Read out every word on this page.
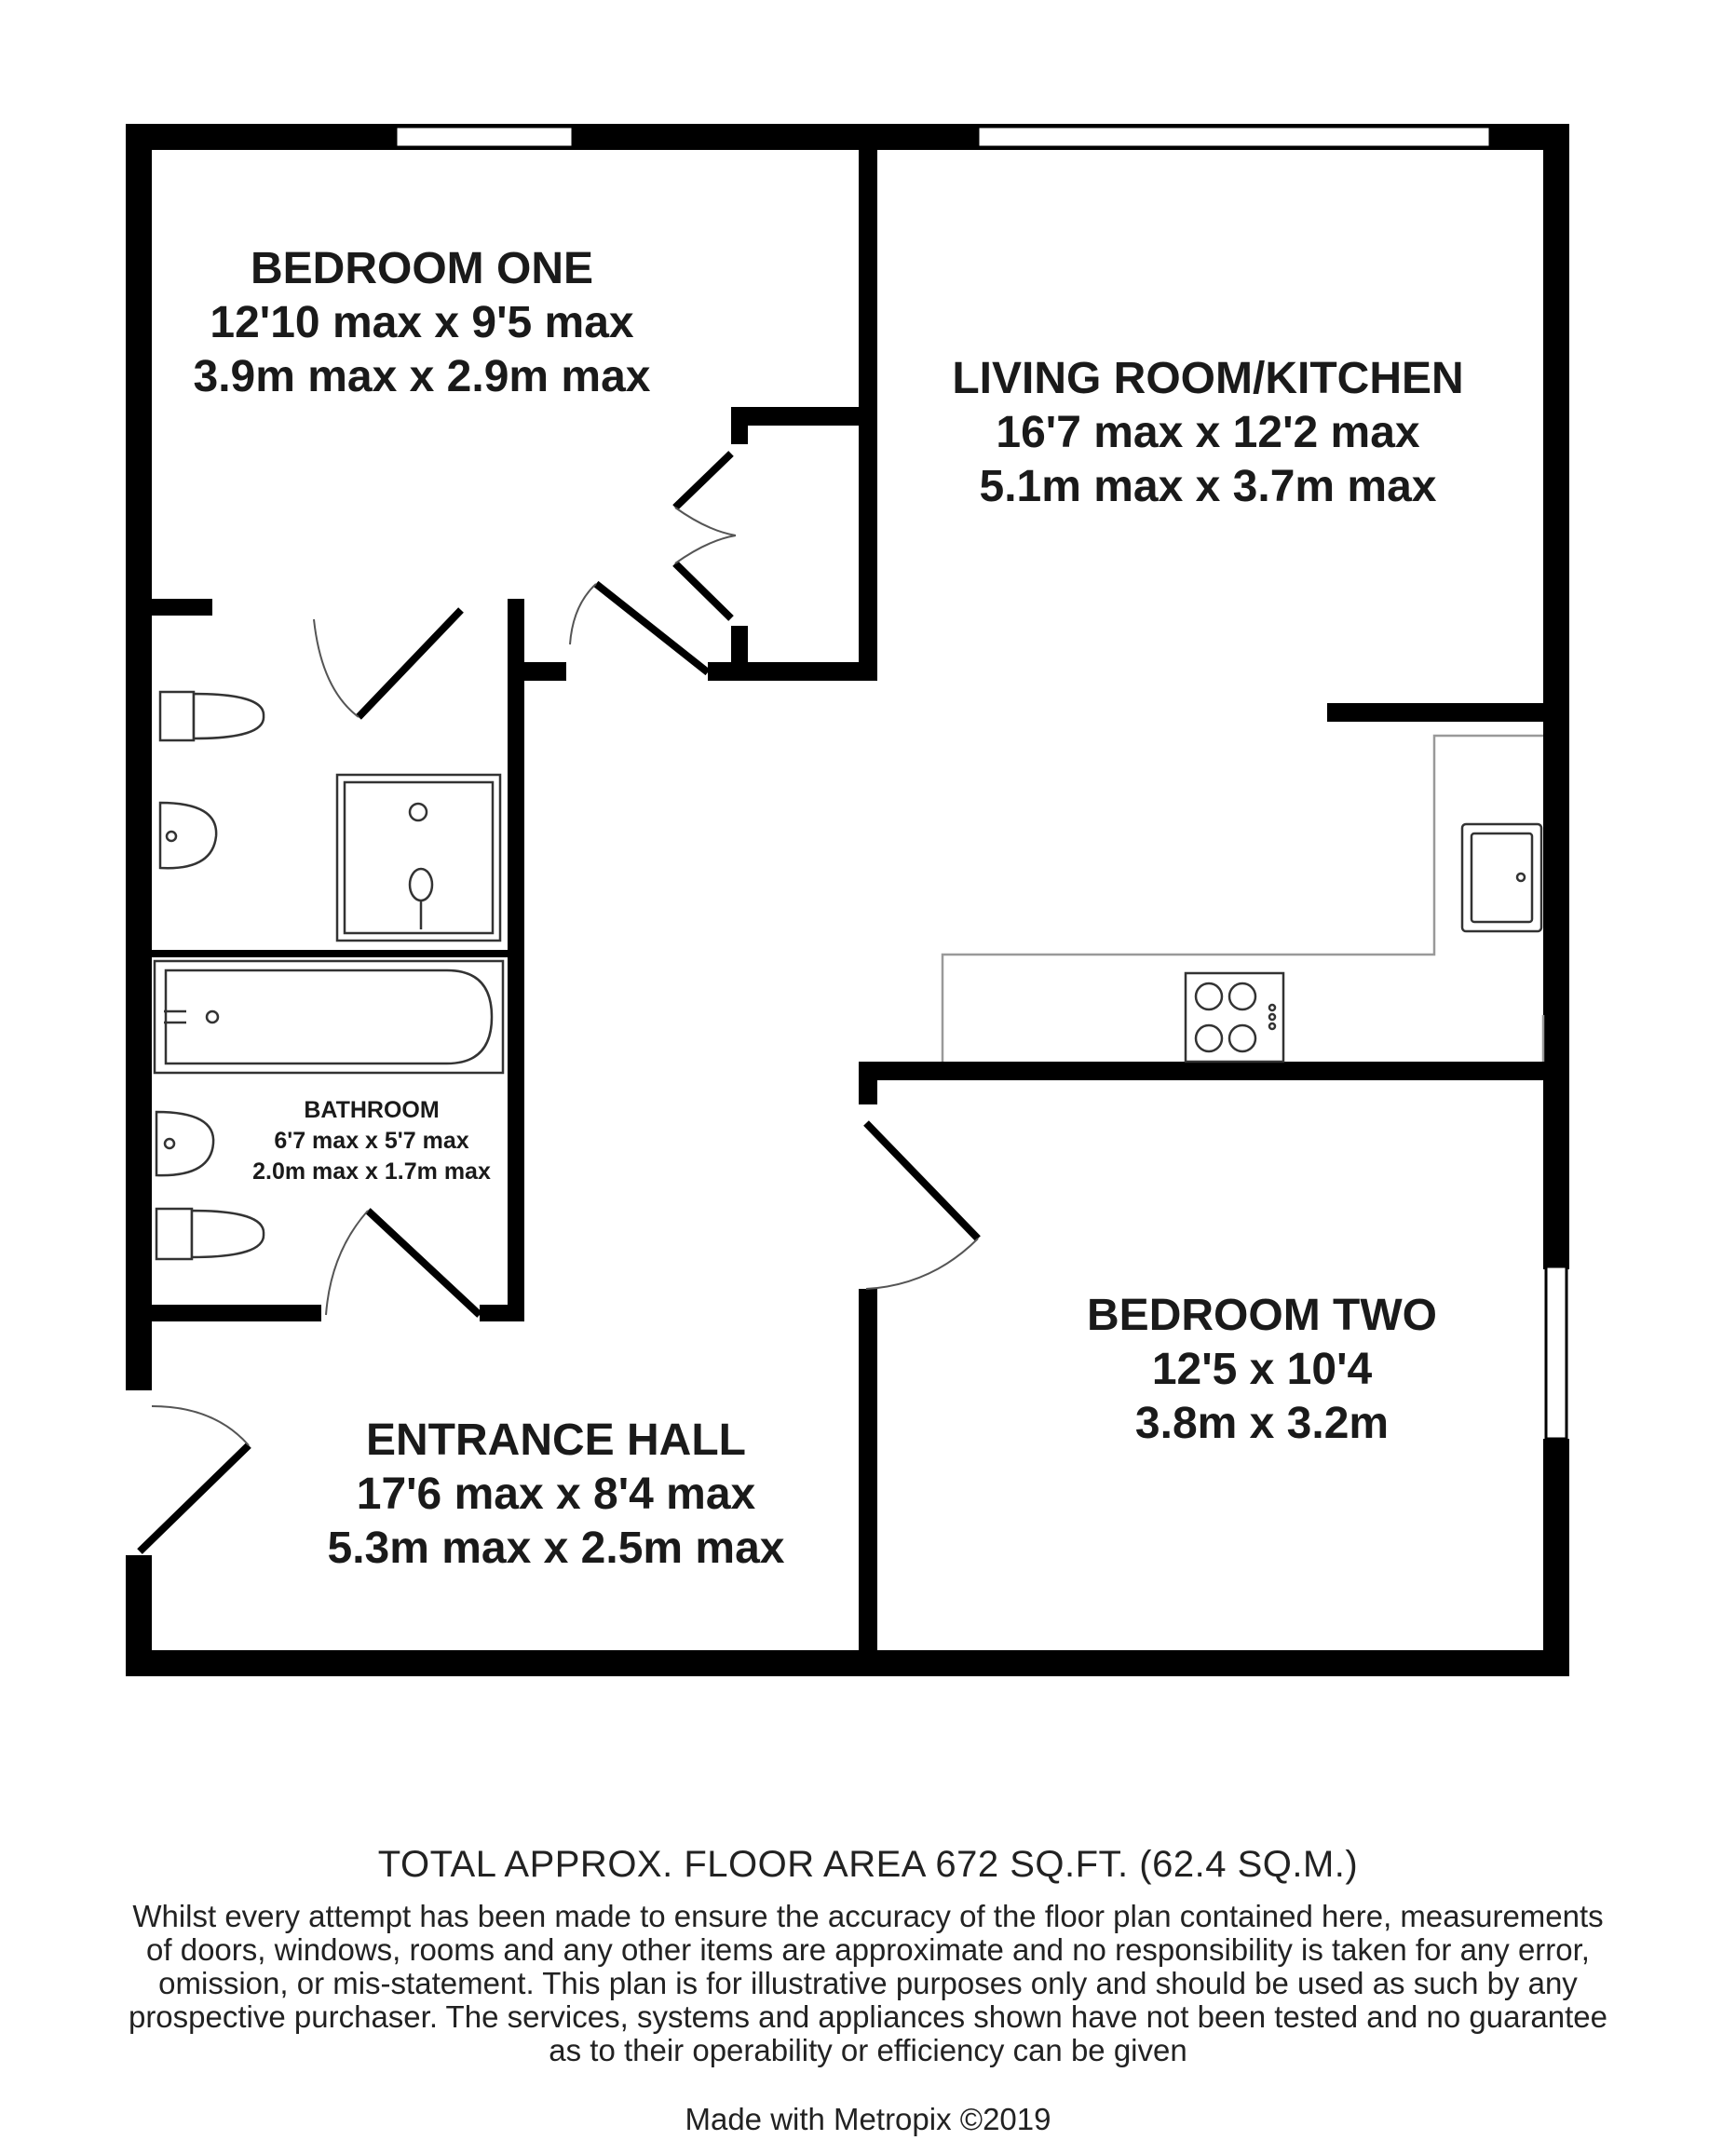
BEDROOM ONE
12'10 max x 9'5 max
3.9m max x 2.9m max	LIVING ROOM/KITCHEN
16'7 max x 12'2 max
5.1m max x 3.7m max
BATHROOM
6'7 max x 5'7 max
2.0m max x 1.7m max
BEDROOM TWO
12'5 x 10'4
3.8m x 3.2m
ENTRANCE HALL
17'6 max x 8'4 max
5.3m max x 2.5m max
TOTAL APPROX. FLOOR AREA 672 SQ.FT. (62.4 SQ.M.)
Whilst every attempt has been made to ensure the accuracy of the floor plan contained here, measurements
of doors, windows, rooms and any other items are approximate and no responsibility is taken for any error,
omission, or mis-statement. This plan is for illustrative purposes only and should be used as such by any
prospective purchaser. The services, systems and appliances shown have not been tested and no guarantee
as to their operability or efficiency can be given
Made with Metropix ©2019
